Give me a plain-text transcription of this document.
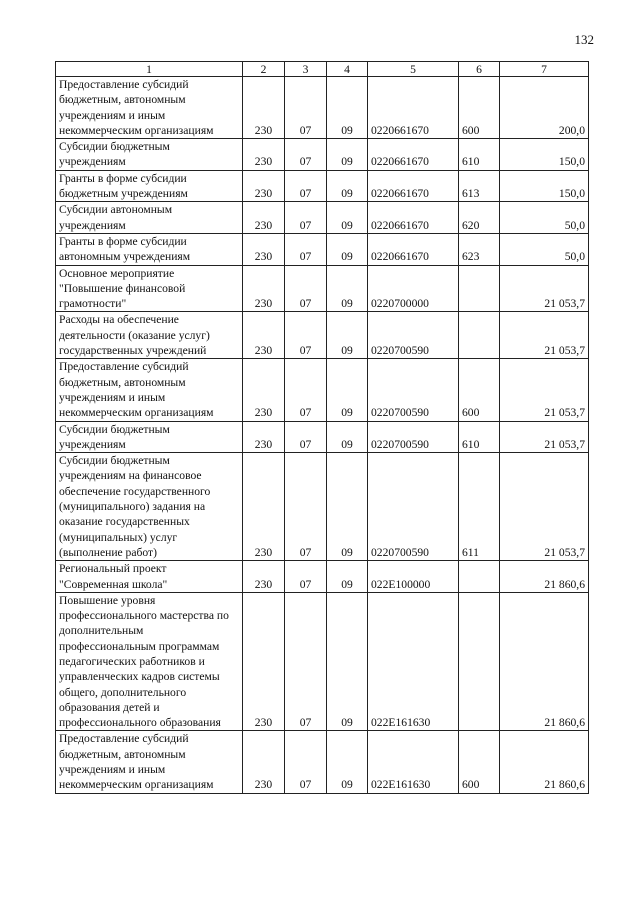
132
1	2	3	4	5	6	7
Предоставление субсидий бюджетным, автономным учреждениям и иным некоммерческим организациям	230	07	09	0220661670	600	200,0
Субсидии бюджетным учреждениям	230	07	09	0220661670	610	150,0
Гранты в форме субсидии бюджетным учреждениям	230	07	09	0220661670	613	150,0
Субсидии автономным учреждениям	230	07	09	0220661670	620	50,0
Гранты в форме субсидии автономным учреждениям	230	07	09	0220661670	623	50,0
Основное мероприятие "Повышение финансовой грамотности"	230	07	09	0220700000		21 053,7
Расходы на обеспечение деятельности (оказание услуг) государственных учреждений	230	07	09	0220700590		21 053,7
Предоставление субсидий бюджетным, автономным учреждениям и иным некоммерческим организациям	230	07	09	0220700590	600	21 053,7
Субсидии бюджетным учреждениям	230	07	09	0220700590	610	21 053,7
Субсидии бюджетным учреждениям на финансовое обеспечение государственного (муниципального) задания на оказание государственных (муниципальных) услуг (выполнение работ)	230	07	09	0220700590	611	21 053,7
Региональный проект "Современная школа"	230	07	09	022Е100000		21 860,6
Повышение уровня профессионального мастерства по дополнительным профессиональным программам педагогических работников и управленческих кадров системы общего, дополнительного образования детей и профессионального образования	230	07	09	022Е161630		21 860,6
Предоставление субсидий бюджетным, автономным учреждениям и иным некоммерческим организациям	230	07	09	022Е161630	600	21 860,6
